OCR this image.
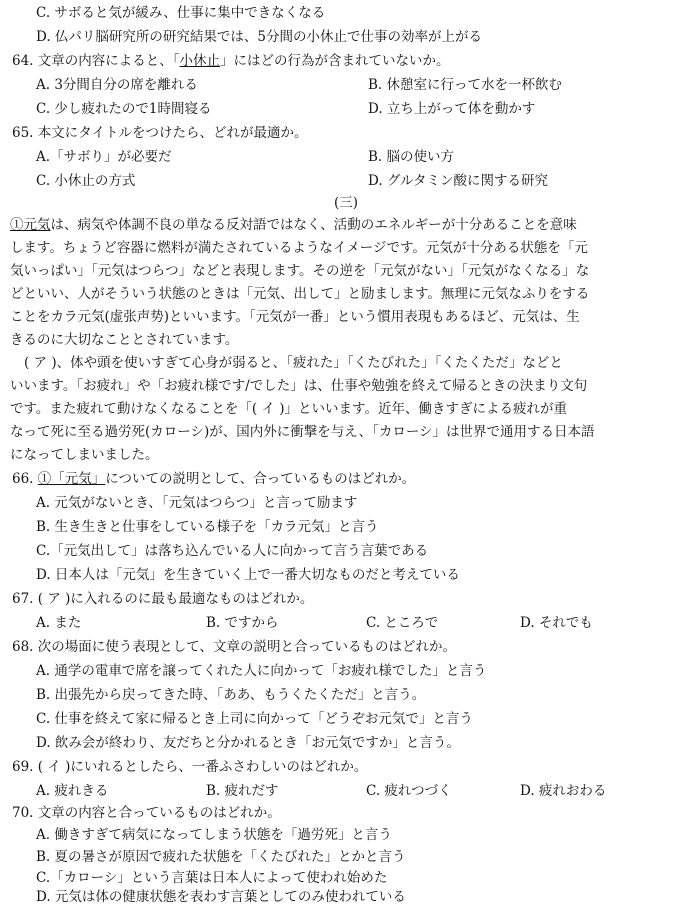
C. サボると気が緩み、仕事に集中できなくなる
D. 仏パリ脳研究所の研究結果では、5分間の小休止で仕事の効率が上がる
64. 文章の内容によると、「小休止」にはどの行為が含まれていないか。
A. 3分間自分の席を離れる	B. 休憩室に行って水を一杯飲む
C. 少し疲れたので1時間寝る	D. 立ち上がって体を動かす
65. 本文にタイトルをつけたら、どれが最適か。
A.「サボり」が必要だ	B. 脳の使い方
C. 小休止の方式	D. グルタミン酸に関する研究
(三)
①元気は、病気や体調不良の単なる反対語ではなく、活動のエネルギーが十分あることを意味
します。ちょうど容器に燃料が満たされているようなイメージです。元気が十分ある状態を「元
気いっぱい」「元気はつらつ」などと表現します。その逆を「元気がない」「元気がなくなる」な
どといい、人がそういう状態のときは「元気、出して」と励まします。無理に元気なふりをする
ことをカラ元気(虚张声势)といいます。「元気が一番」という慣用表現もあるほど、元気は、生
きるのに大切なこととされています。
( ア )、体や頭を使いすぎて心身が弱ると、「疲れた」「くたびれた」「くたくただ」などと
いいます。「お疲れ」や「お疲れ様です/でした」は、仕事や勉強を終えて帰るときの決まり文句
です。また疲れて動けなくなることを「( イ )」といいます。近年、働きすぎによる疲れが重
なって死に至る過労死(カローシ)が、国内外に衝撃を与え、「カローシ」は世界で通用する日本語
になってしまいました。
66. ①「元気」についての説明として、合っているものはどれか。
A. 元気がないとき、「元気はつらつ」と言って励ます
B. 生き生きと仕事をしている様子を「カラ元気」と言う
C.「元気出して」は落ち込んでいる人に向かって言う言葉である
D. 日本人は「元気」を生きていく上で一番大切なものだと考えている
67. ( ア )に入れるのに最も最適なものはどれか。
A. また	B. ですから	C. ところで	D. それでも
68. 次の場面に使う表現として、文章の説明と合っているものはどれか。
A. 通学の電車で席を譲ってくれた人に向かって「お疲れ様でした」と言う
B. 出張先から戻ってきた時、「ああ、もうくたくただ」と言う。
C. 仕事を終えて家に帰るとき上司に向かって「どうぞお元気で」と言う
D. 飲み会が終わり、友だちと分かれるとき「お元気ですか」と言う。
69. ( イ )にいれるとしたら、一番ふさわしいのはどれか。
A. 疲れきる	B. 疲れだす	C. 疲れつづく	D. 疲れおわる
70. 文章の内容と合っているものはどれか。
A. 働きすぎて病気になってしまう状態を「過労死」と言う
B. 夏の暑さが原因で疲れた状態を「くたびれた」とかと言う
C.「カローシ」という言葉は日本人によって使われ始めた
D. 元気は体の健康状態を表わす言葉としてのみ使われている
